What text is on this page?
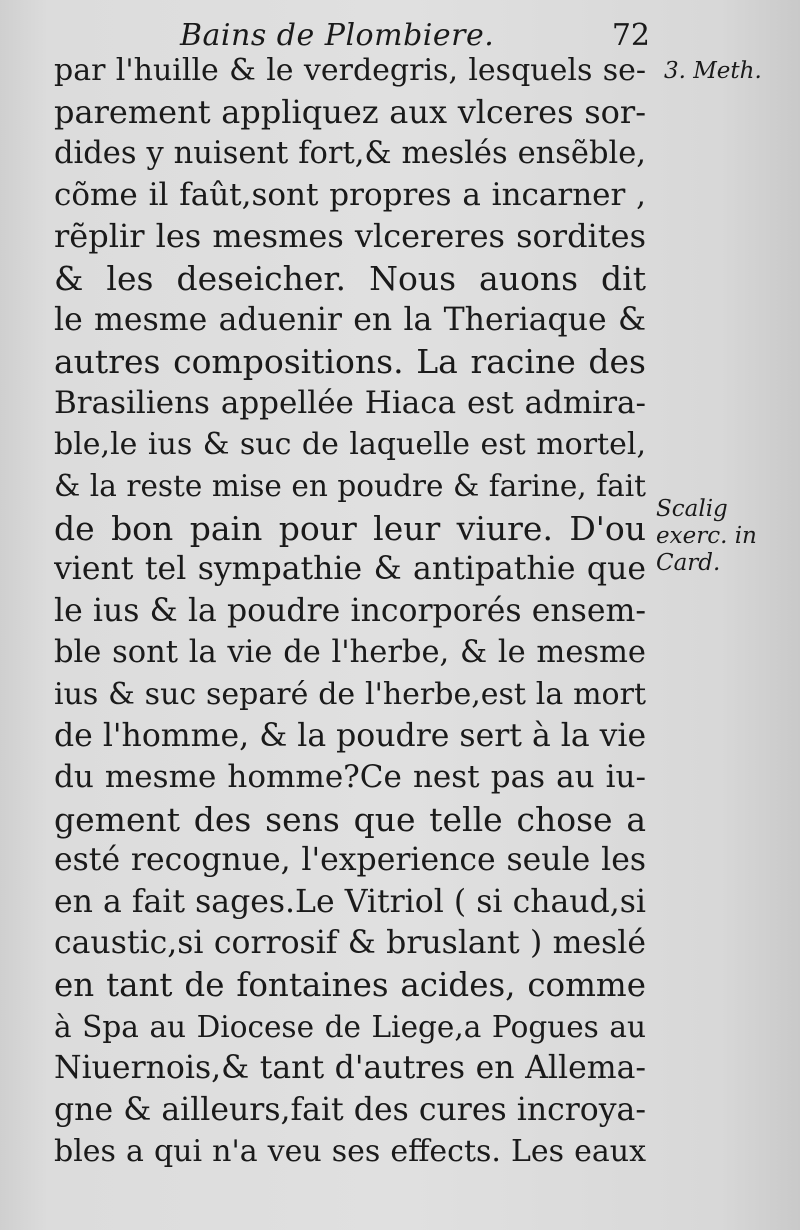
Bains de Plombiere.	72
par l'huille & le verdegris, lesquels se-
parement appliquez aux vlceres sor-
dides y nuisent fort,& meslés ensẽble,
cõme il faût,sont propres a incarner ,
rẽplir les mesmes vlcereres sordites
& les deseicher. Nous auons dit
le mesme aduenir en la Theriaque &
autres compositions. La racine des
Brasiliens appellée Hiaca est admira-
ble,le ius & suc de laquelle est mortel,
& la reste mise en poudre & farine, fait
de bon pain pour leur viure. D'ou
vient tel sympathie & antipathie que
le ius & la poudre incorporés ensem-
ble sont la vie de l'herbe, & le mesme
ius & suc separé de l'herbe,est la mort
de l'homme, & la poudre sert à la vie
du mesme homme?Ce nest pas au iu-
gement des sens que telle chose a
esté recognue, l'experience seule les
en a fait sages.Le Vitriol ( si chaud,si
caustic,si corrosif & bruslant ) meslé
en tant de fontaines acides, comme
à Spa au Diocese de Liege,a Pogues au
Niuernois,& tant d'autres en Allema-
gne & ailleurs,fait des cures incroya-
bles a qui n'a veu ses effects. Les eaux
3. Meth.
Scalig
exerc. in
Card.
